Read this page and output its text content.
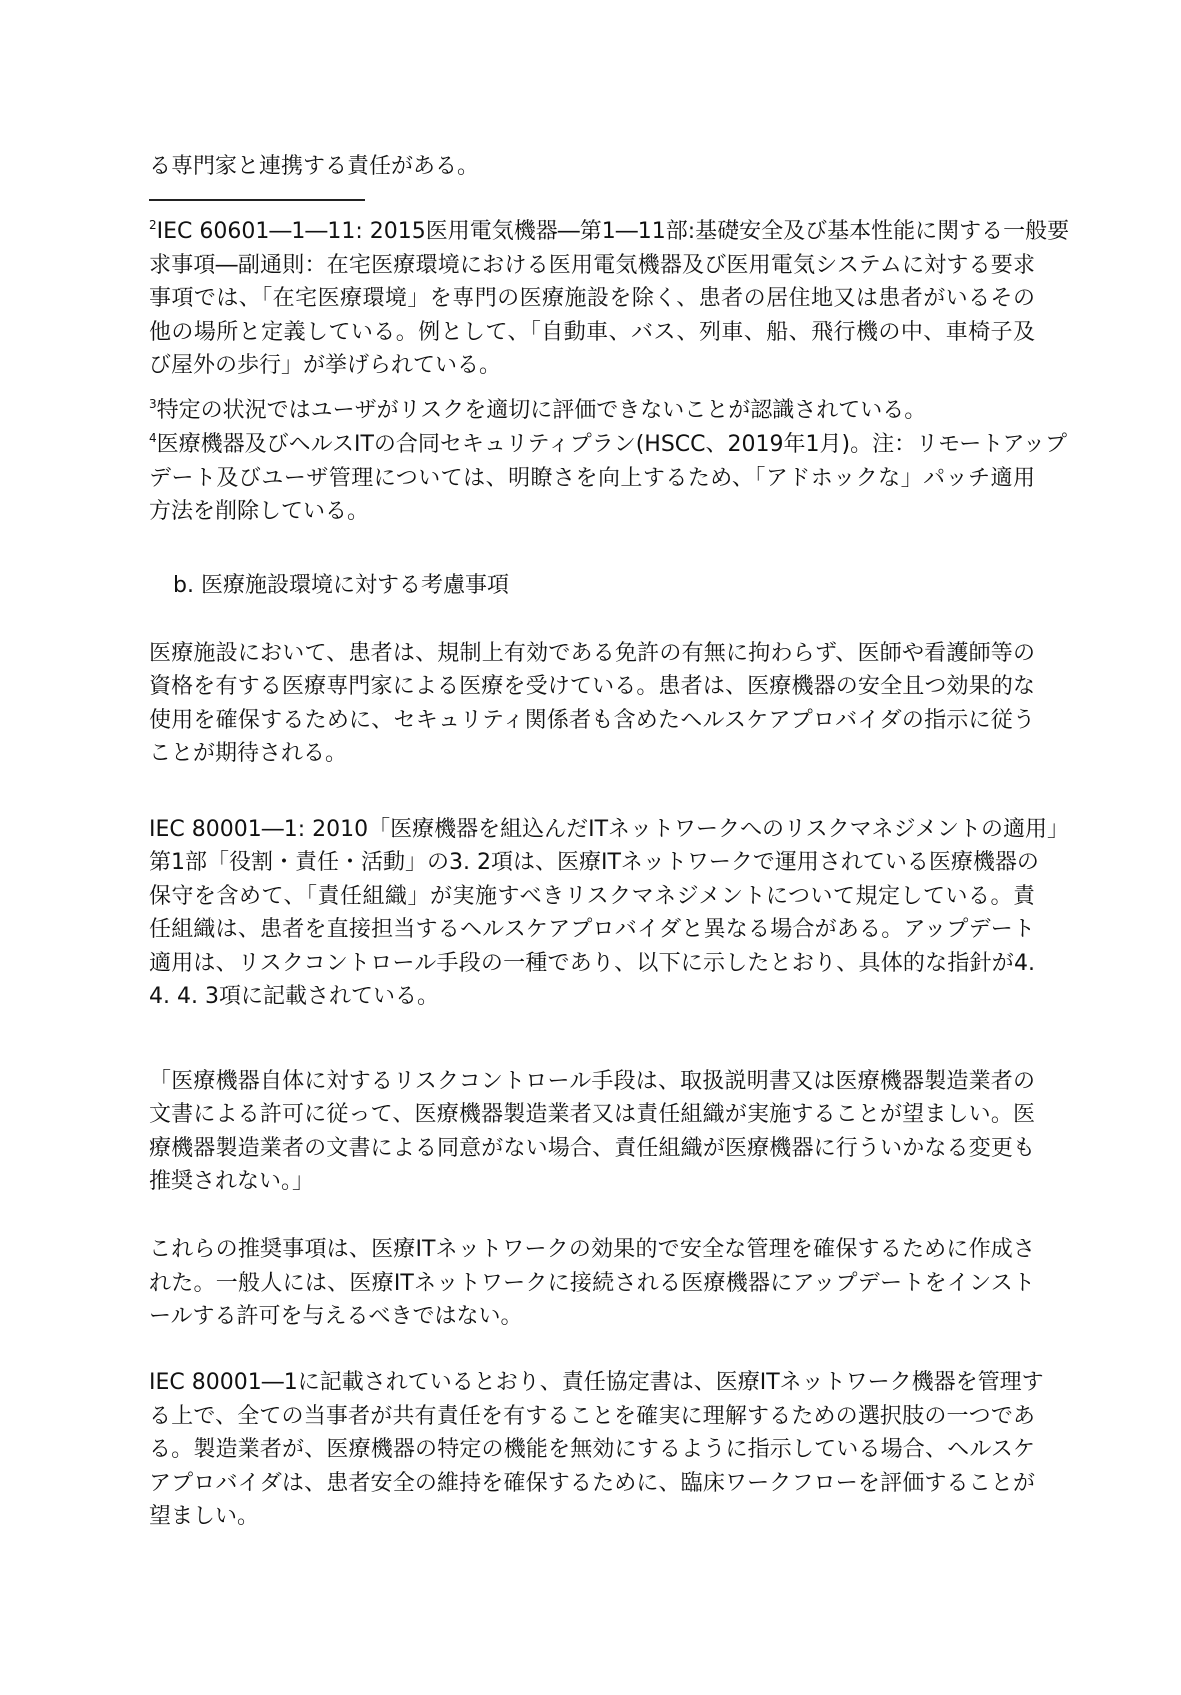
る専門家と連携する責任がある。
$^2$IEC 60601―1―11: 2015医用電気機器―第1―11部:基礎安全及び基本性能に関する一般要
求事項―副通則：在宅医療環境における医用電気機器及び医用電気システムに対する要求
事項では、「在宅医療環境」を専門の医療施設を除く、患者の居住地又は患者がいるその
他の場所と定義している。例として、「自動車、バス、列車、船、飛行機の中、車椅子及
び屋外の歩行」が挙げられている。
$^3$特定の状況ではユーザがリスクを適切に評価できないことが認識されている。
$^4$医療機器及びヘルスITの合同セキュリティプラン(HSCC、2019年1月)。注：リモートアップ
デート及びユーザ管理については、明瞭さを向上するため、「アドホックな」パッチ適用
方法を削除している。
b. 医療施設環境に対する考慮事項
医療施設において、患者は、規制上有効である免許の有無に拘わらず、医師や看護師等の
資格を有する医療専門家による医療を受けている。患者は、医療機器の安全且つ効果的な
使用を確保するために、セキュリティ関係者も含めたヘルスケアプロバイダの指示に従う
ことが期待される。
IEC 80001―1: 2010「医療機器を組込んだITネットワークへのリスクマネジメントの適用」
第1部「役割・責任・活動」の3. 2項は、医療ITネットワークで運用されている医療機器の
保守を含めて、「責任組織」が実施すべきリスクマネジメントについて規定している。責
任組織は、患者を直接担当するヘルスケアプロバイダと異なる場合がある。アップデート
適用は、リスクコントロール手段の一種であり、以下に示したとおり、具体的な指針が4.
4. 4. 3項に記載されている。
「医療機器自体に対するリスクコントロール手段は、取扱説明書又は医療機器製造業者の
文書による許可に従って、医療機器製造業者又は責任組織が実施することが望ましい。医
療機器製造業者の文書による同意がない場合、責任組織が医療機器に行ういかなる変更も
推奨されない。」
これらの推奨事項は、医療ITネットワークの効果的で安全な管理を確保するために作成さ
れた。一般人には、医療ITネットワークに接続される医療機器にアップデートをインスト
ールする許可を与えるべきではない。
IEC 80001―1に記載されているとおり、責任協定書は、医療ITネットワーク機器を管理す
る上で、全ての当事者が共有責任を有することを確実に理解するための選択肢の一つであ
る。製造業者が、医療機器の特定の機能を無効にするように指示している場合、ヘルスケ
アプロバイダは、患者安全の維持を確保するために、臨床ワークフローを評価することが
望ましい。
